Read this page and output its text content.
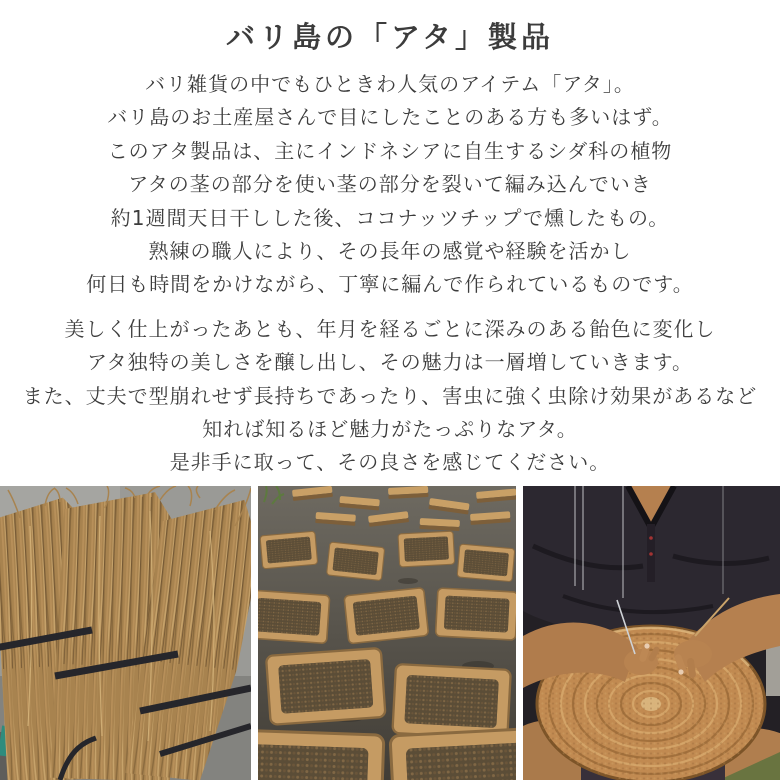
バリ島の「アタ」製品
バリ雑貨の中でもひときわ人気のアイテム「アタ」。
バリ島のお土産屋さんで目にしたことのある方も多いはず。
このアタ製品は、主にインドネシアに自生するシダ科の植物
アタの茎の部分を使い茎の部分を裂いて編み込んでいき
約1週間天日干しした後、ココナッツチップで燻したもの。
熟練の職人により、その長年の感覚や経験を活かし
何日も時間をかけながら、丁寧に編んで作られているものです。
美しく仕上がったあとも、年月を経るごとに深みのある飴色に変化し
アタ独特の美しさを醸し出し、その魅力は一層増していきます。
また、丈夫で型崩れせず長持ちであったり、害虫に強く虫除け効果があるなど
知れば知るほど魅力がたっぷりなアタ。
是非手に取って、その良さを感じてください。
